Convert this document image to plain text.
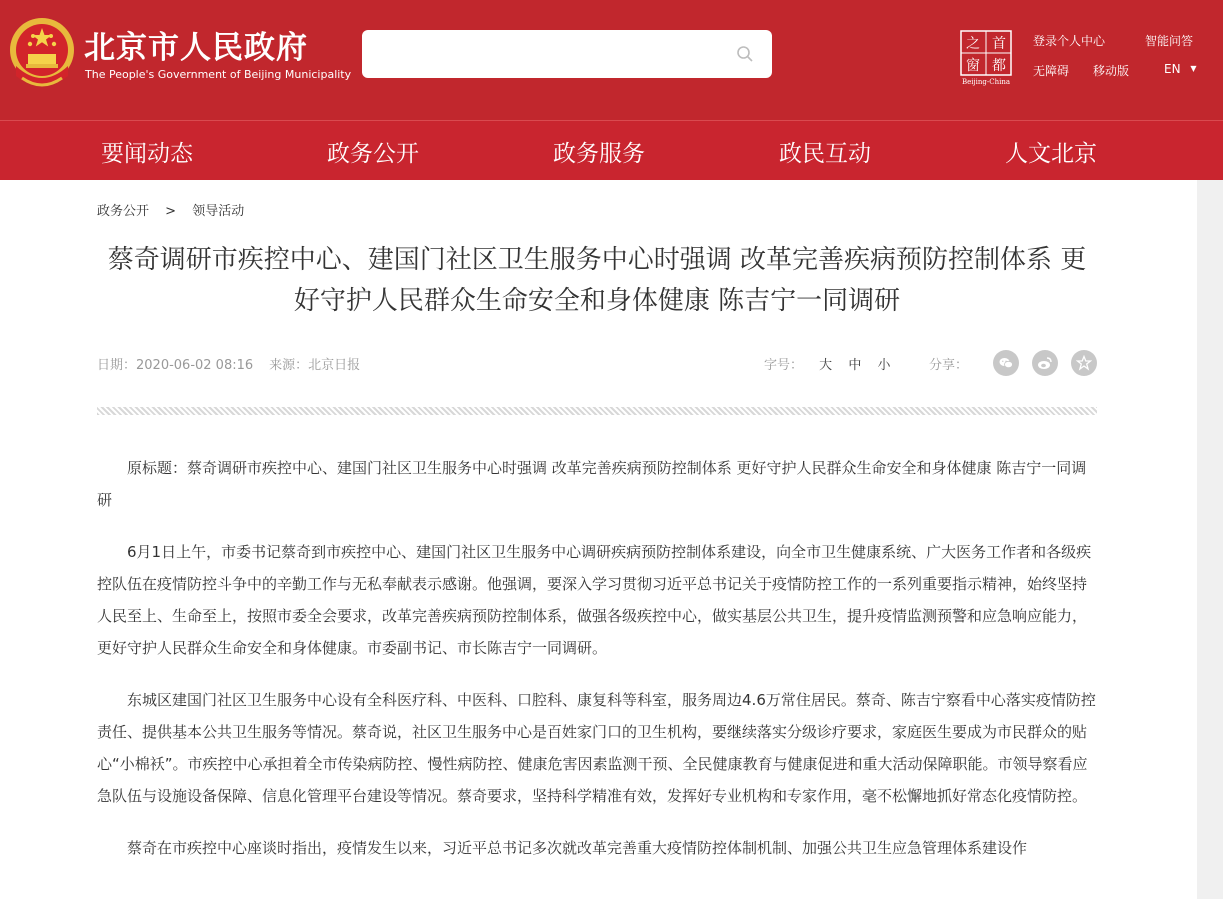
北京市人民政府
The People's Government of Beijing Municipality
之 首
窗 都
Beijing-China
登录个人中心	智能问答
无障碍 移动版	EN ▼
要闻动态	政务公开	政务服务	政民互动	人文北京
政务公开 > 领导活动
蔡奇调研市疾控中心、建国门社区卫生服务中心时强调 改革完善疾病预防控制体系 更好守护人民群众生命安全和身体健康 陈吉宁一同调研
日期：2020-06-02 08:16 来源：北京日报	字号： 大 中 小	分享：

原标题：蔡奇调研市疾控中心、建国门社区卫生服务中心时强调 改革完善疾病预防控制体系 更好守护人民群众生命安全和身体健康 陈吉宁一同调研

6月1日上午，市委书记蔡奇到市疾控中心、建国门社区卫生服务中心调研疾病预防控制体系建设，向全市卫生健康系统、广大医务工作者和各级疾控队伍在疫情防控斗争中的辛勤工作与无私奉献表示感谢。他强调，要深入学习贯彻习近平总书记关于疫情防控工作的一系列重要指示精神，始终坚持人民至上、生命至上，按照市委全会要求，改革完善疾病预防控制体系，做强各级疾控中心，做实基层公共卫生，提升疫情监测预警和应急响应能力，更好守护人民群众生命安全和身体健康。市委副书记、市长陈吉宁一同调研。

东城区建国门社区卫生服务中心设有全科医疗科、中医科、口腔科、康复科等科室，服务周边4.6万常住居民。蔡奇、陈吉宁察看中心落实疫情防控责任、提供基本公共卫生服务等情况。蔡奇说，社区卫生服务中心是百姓家门口的卫生机构，要继续落实分级诊疗要求，家庭医生要成为市民群众的贴心“小棉袄”。市疾控中心承担着全市传染病防控、慢性病防控、健康危害因素监测干预、全民健康教育与健康促进和重大活动保障职能。市领导察看应急队伍与设施设备保障、信息化管理平台建设等情况。蔡奇要求，坚持科学精准有效，发挥好专业机构和专家作用，毫不松懈地抓好常态化疫情防控。

蔡奇在市疾控中心座谈时指出，疫情发生以来，习近平总书记多次就改革完善重大疫情防控体制机制、加强公共卫生应急管理体系建设作
